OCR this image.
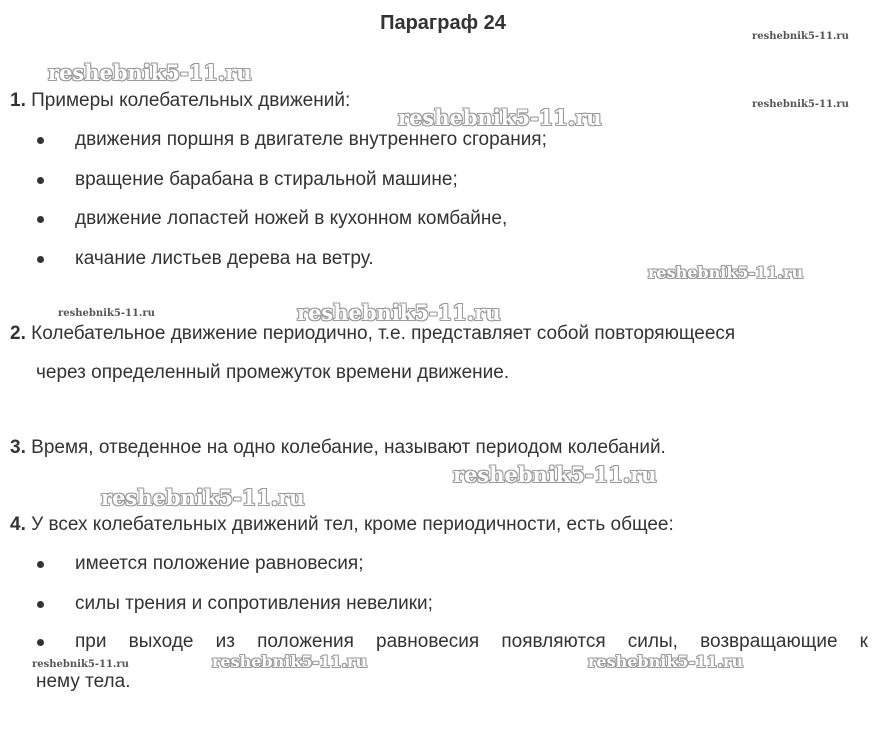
Параграф 24
1. Примеры колебательных движений:
движения поршня в двигателе внутреннего сгорания;
вращение барабана в стиральной машине;
движение лопастей ножей в кухонном комбайне,
качание листьев дерева на ветру.
2. Колебательное движение периодично, т.е. представляет собой повторяющееся
через определенный промежуток времени движение.
3. Время, отведенное на одно колебание, называют периодом колебаний.
4. У всех колебательных движений тел, кроме периодичности, есть общее:
имеется положение равновесия;
силы трения и сопротивления невелики;
при выходе из положения равновесия появляются силы, возвращающие к
нему тела.
reshebnik5-11.ru
reshebnik5-11.ru
reshebnik5-11.ru
reshebnik5-11.ru
reshebnik5-11.ru
reshebnik5-11.ru
reshebnik5-11.ru	reshebnik5-11.ru
reshebnik5-11.ru
reshebnik5-11.ru
reshebnik5-11.ru
reshebnik5-11.ru
